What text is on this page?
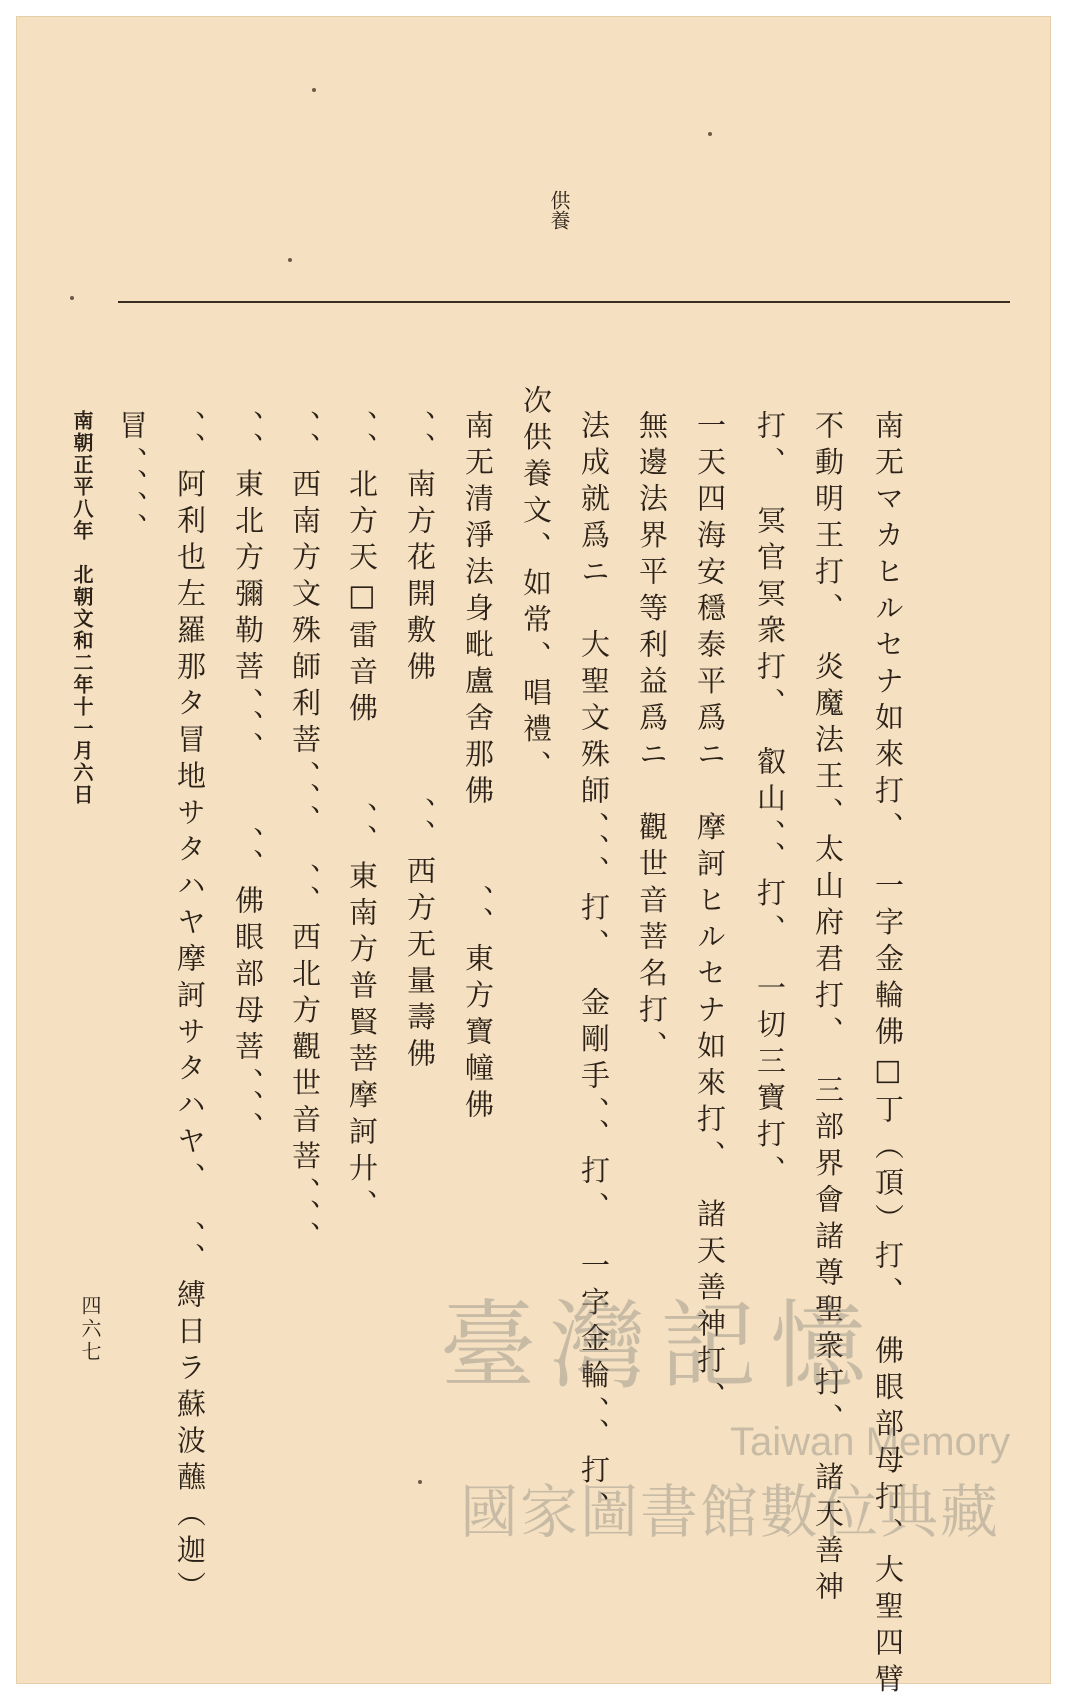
供養
南无マカヒルセナ如來打、　一字金輪佛□丁（頂）打、　佛眼部母打、大聖四臂
不動明王打、　炎魔法王、太山府君打、　三部界會諸尊聖衆打、　諸天善神
打、　冥官冥衆打、　叡山、、打、　一切三寶打、
一天四海安穩泰平爲ニ　摩訶ヒルセナ如來打、　諸天善神打、
無邊法界平等利益爲ニ　觀世音菩名打、
法成就爲ニ　大聖文殊師、、、打、　金剛手、、打、　一字金輪、、打、
次供養文、如常、唱禮、
南无清淨法身毗盧舍那佛　　、、東方寶幢佛
、、南方花開敷佛　　　、、西方无量壽佛
、、北方天□雷音佛　　、、東南方普賢菩摩訶廾、
、、西南方文殊師利菩、、、　、、西北方觀世音菩、、、
、、東北方彌勒菩、、、　　、、佛眼部母菩、、、
、、阿利也左羅那タ冒地サタハヤ摩訶サタハヤ、　、、縛日ラ蘇波蘸（迦）
冒、、、、
南朝正平八年　北朝文和二年十一月六日
四六七	臺灣記憶
Taiwan Memory
國家圖書館數位典藏
